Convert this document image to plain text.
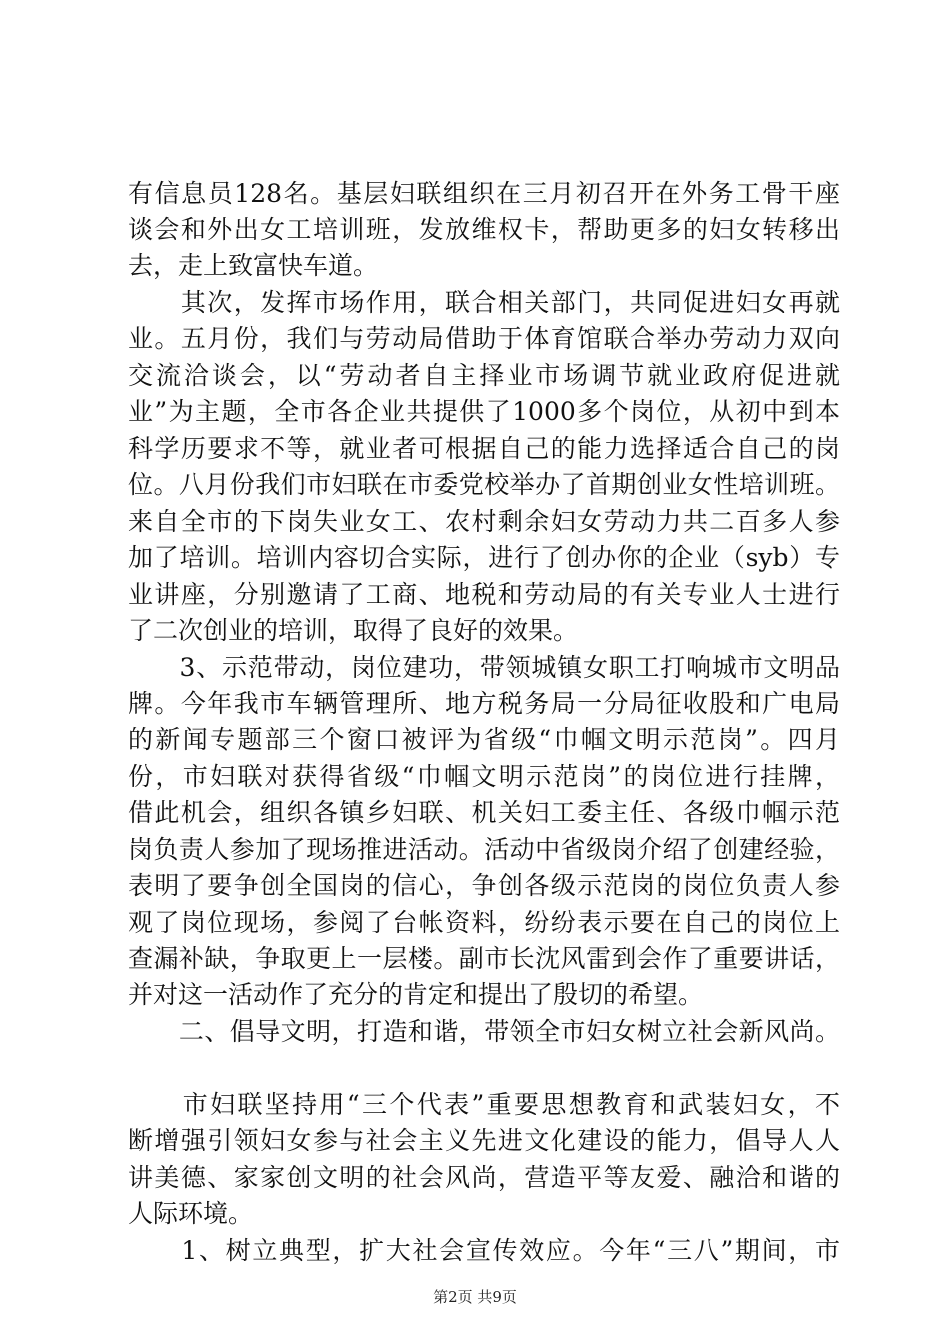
有信息员128名。基层妇联组织在三月初召开在外务工骨干座
谈会和外出女工培训班，发放维权卡，帮助更多的妇女转移出
去，走上致富快车道。
　　其次，发挥市场作用，联合相关部门，共同促进妇女再就
业。五月份，我们与劳动局借助于体育馆联合举办劳动力双向
交流洽谈会，以“劳动者自主择业市场调节就业政府促进就
业”为主题，全市各企业共提供了1000多个岗位，从初中到本
科学历要求不等，就业者可根据自己的能力选择适合自己的岗
位。八月份我们市妇联在市委党校举办了首期创业女性培训班。
来自全市的下岗失业女工、农村剩余妇女劳动力共二百多人参
加了培训。培训内容切合实际，进行了创办你的企业（syb）专
业讲座，分别邀请了工商、地税和劳动局的有关专业人士进行
了二次创业的培训，取得了良好的效果。
　　3、示范带动，岗位建功，带领城镇女职工打响城市文明品
牌。今年我市车辆管理所、地方税务局一分局征收股和广电局
的新闻专题部三个窗口被评为省级“巾帼文明示范岗”。四月
份，市妇联对获得省级“巾帼文明示范岗”的岗位进行挂牌，
借此机会，组织各镇乡妇联、机关妇工委主任、各级巾帼示范
岗负责人参加了现场推进活动。活动中省级岗介绍了创建经验，
表明了要争创全国岗的信心，争创各级示范岗的岗位负责人参
观了岗位现场，参阅了台帐资料，纷纷表示要在自己的岗位上
查漏补缺，争取更上一层楼。副市长沈风雷到会作了重要讲话，
并对这一活动作了充分的肯定和提出了殷切的希望。
　　二、倡导文明，打造和谐，带领全市妇女树立社会新风尚。
　　市妇联坚持用“三个代表”重要思想教育和武装妇女，不
断增强引领妇女参与社会主义先进文化建设的能力，倡导人人
讲美德、家家创文明的社会风尚，营造平等友爱、融洽和谐的
人际环境。
　　1、树立典型，扩大社会宣传效应。今年“三八”期间，市
第2页 共9页
